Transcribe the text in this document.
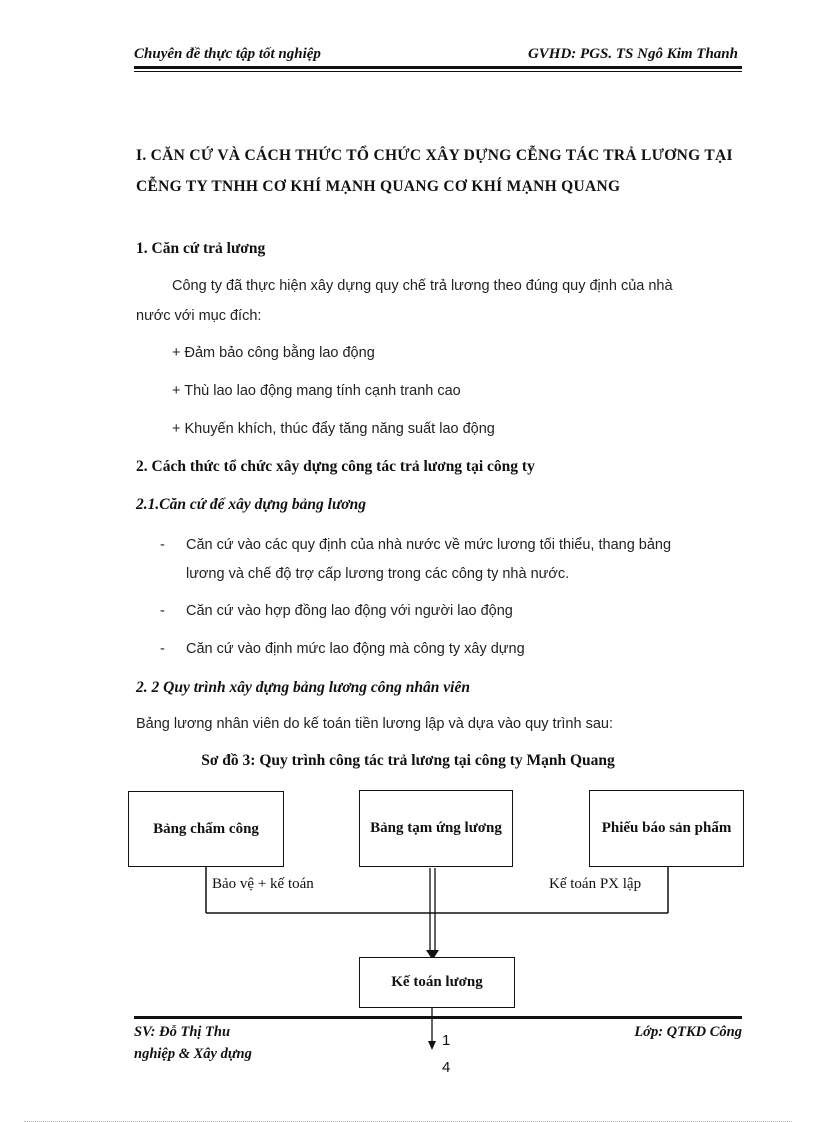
Chuyên đề thực tập tốt nghiệp	GVHD: PGS. TS Ngô Kim Thanh
I. CĂN CỨ VÀ CÁCH THỨC TỔ CHỨC XÂY DỰNG CỄNG TÁC TRẢ LƯƠNG TẠI CỄNG TY TNHH CƠ KHÍ MẠNH QUANG CƠ KHÍ MẠNH QUANG
1. Căn cứ trả lương
Công ty đã thực hiện xây dựng quy chế trả lương theo đúng quy định của nhà
nước với mục đích:
+ Đảm bảo công bằng lao động
+ Thù lao lao động mang tính cạnh tranh cao
+ Khuyến khích, thúc đẩy tăng năng suất lao động
2. Cách thức tổ chức xây dựng công tác trả lương tại công ty
2.1.Căn cứ để xây dựng bảng lương
- Căn cứ vào các quy định của nhà nước về mức lương tối thiểu, thang bảng
lương và chế độ trợ cấp lương trong các công ty nhà nước.
- Căn cứ vào hợp đồng lao động với người lao động
- Căn cứ vào định mức lao động mà công ty xây dựng
2. 2 Quy trình xây dựng bảng lương công nhân viên
Bảng lương nhân viên do kế toán tiền lương lập và dựa vào quy trình sau:
Sơ đồ 3: Quy trình công tác trả lương tại công ty Mạnh Quang
Bảng chấm công	Bảng tạm ứng lương	Phiếu báo sản phẩm
Kế toán lương
Bảo vệ + kế toán	Kế toán PX lập
SV: Đỗ Thị Thu
nghiệp & Xây dựng
Lớp: QTKD Công
14
